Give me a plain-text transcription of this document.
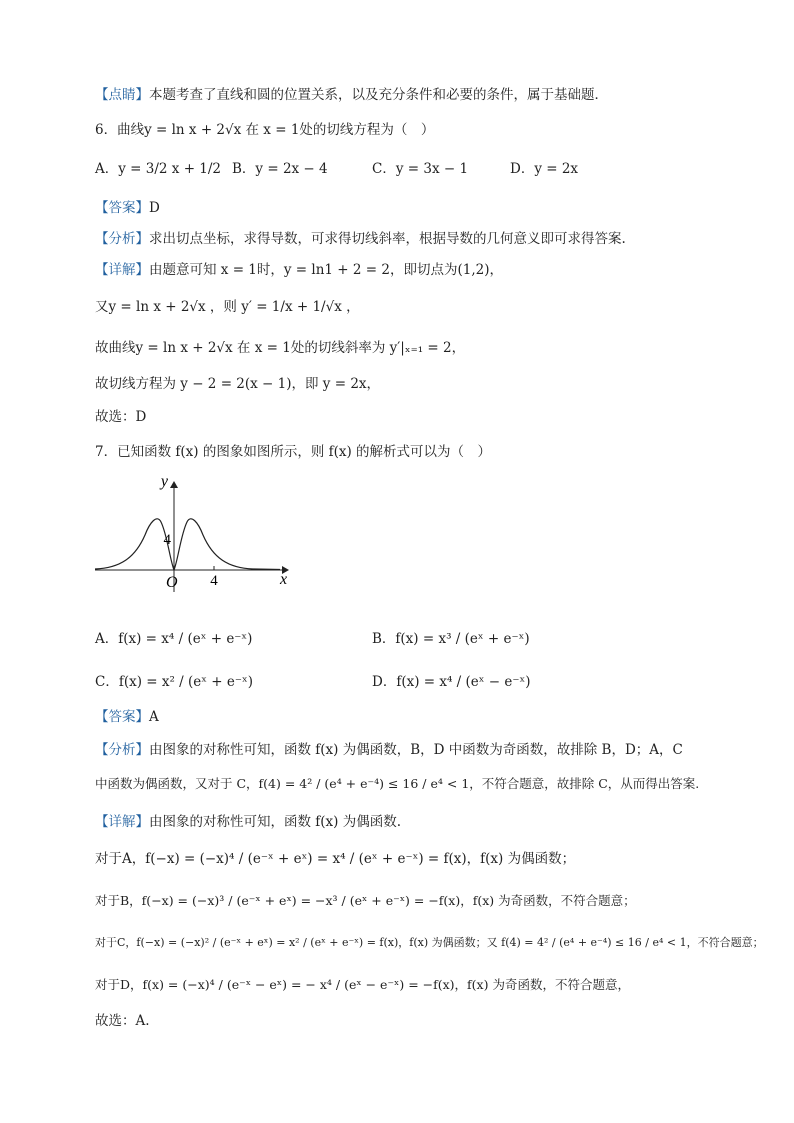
【点睛】本题考查了直线和圆的位置关系，以及充分条件和必要的条件，属于基础题．
6．曲线y = ln x + 2√x 在 x = 1处的切线方程为（　）
A．y = 3/2 x + 1/2 B．y = 2x − 4	C．y = 3x − 1	D．y = 2x
【答案】D
【分析】求出切点坐标，求得导数，可求得切线斜率，根据导数的几何意义即可求得答案.
【详解】由题意可知 x = 1时，y = ln1 + 2 = 2，即切点为(1,2)，
又y = ln x + 2√x ，则 y′ = 1/x + 1/√x ，
故曲线y = ln x + 2√x 在 x = 1处的切线斜率为 y′|ₓ₌₁ = 2，
故切线方程为 y − 2 = 2(x − 1)，即 y = 2x，
故选：D
7．已知函数 f(x) 的图象如图所示，则 f(x) 的解析式可以为（　）
y
x
O
4
4
A．f(x) = x⁴ / (eˣ + e⁻ˣ)	B．f(x) = x³ / (eˣ + e⁻ˣ)
C．f(x) = x² / (eˣ + e⁻ˣ)	D．f(x) = x⁴ / (eˣ − e⁻ˣ)
【答案】A
【分析】由图象的对称性可知，函数 f(x) 为偶函数，B，D 中函数为奇函数，故排除 B，D；A，C
中函数为偶函数，又对于 C，f(4) = 4² / (e⁴ + e⁻⁴) ≤ 16 / e⁴ < 1，不符合题意，故排除 C，从而得出答案.
【详解】由图象的对称性可知，函数 f(x) 为偶函数.
对于A，f(−x) = (−x)⁴ / (e⁻ˣ + eˣ) = x⁴ / (eˣ + e⁻ˣ) = f(x)，f(x) 为偶函数；
对于B，f(−x) = (−x)³ / (e⁻ˣ + eˣ) = −x³ / (eˣ + e⁻ˣ) = −f(x)，f(x) 为奇函数，不符合题意；
对于C，f(−x) = (−x)² / (e⁻ˣ + eˣ) = x² / (eˣ + e⁻ˣ) = f(x)，f(x) 为偶函数；又 f(4) = 4² / (e⁴ + e⁻⁴) ≤ 16 / e⁴ < 1，不符合题意；
对于D，f(x) = (−x)⁴ / (e⁻ˣ − eˣ) = − x⁴ / (eˣ − e⁻ˣ) = −f(x)，f(x) 为奇函数，不符合题意，
故选：A.
